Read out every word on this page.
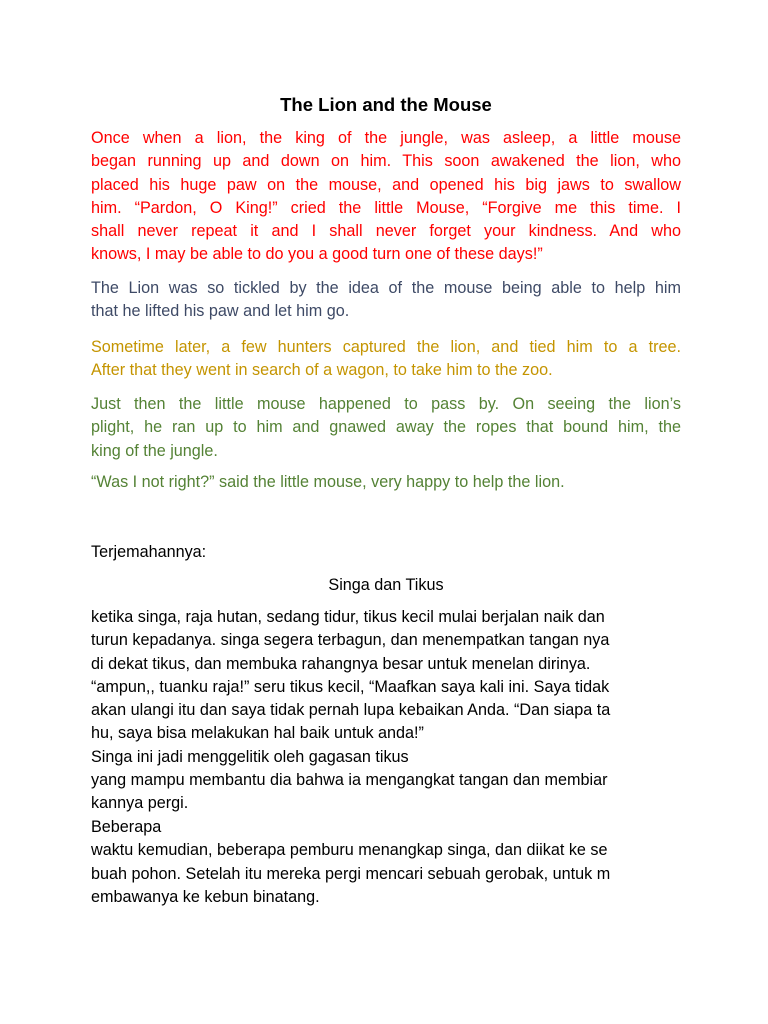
The Lion and the Mouse
Once when a lion, the king of the jungle, was asleep, a little mouse
began running up and down on him. This soon awakened the lion, who
placed his huge paw on the mouse, and opened his big jaws to swallow
him. “Pardon, O King!” cried the little Mouse, “Forgive me this time. I
shall never repeat it and I shall never forget your kindness. And who
knows, I may be able to do you a good turn one of these days!”
The Lion was so tickled by the idea of the mouse being able to help him
that he lifted his paw and let him go.
Sometime later, a few hunters captured the lion, and tied him to a tree.
After that they went in search of a wagon, to take him to the zoo.
Just then the little mouse happened to pass by. On seeing the lion’s
plight, he ran up to him and gnawed away the ropes that bound him, the
king of the jungle.
“Was I not right?” said the little mouse, very happy to help the lion.
Terjemahannya:
Singa dan Tikus
ketika singa, raja hutan, sedang tidur, tikus kecil mulai berjalan naik dan
turun kepadanya. singa segera terbagun, dan menempatkan tangan nya
di dekat tikus, dan membuka rahangnya besar untuk menelan dirinya.
“ampun,, tuanku raja!” seru tikus kecil, “Maafkan saya kali ini. Saya tidak
akan ulangi itu dan saya tidak pernah lupa kebaikan Anda. “Dan siapa ta
hu, saya bisa melakukan hal baik untuk anda!”
Singa ini jadi menggelitik oleh gagasan tikus
yang mampu membantu dia bahwa ia mengangkat tangan dan membiar
kannya pergi.
Beberapa
waktu kemudian, beberapa pemburu menangkap singa, dan diikat ke se
buah pohon. Setelah itu mereka pergi mencari sebuah gerobak, untuk m
embawanya ke kebun binatang.
